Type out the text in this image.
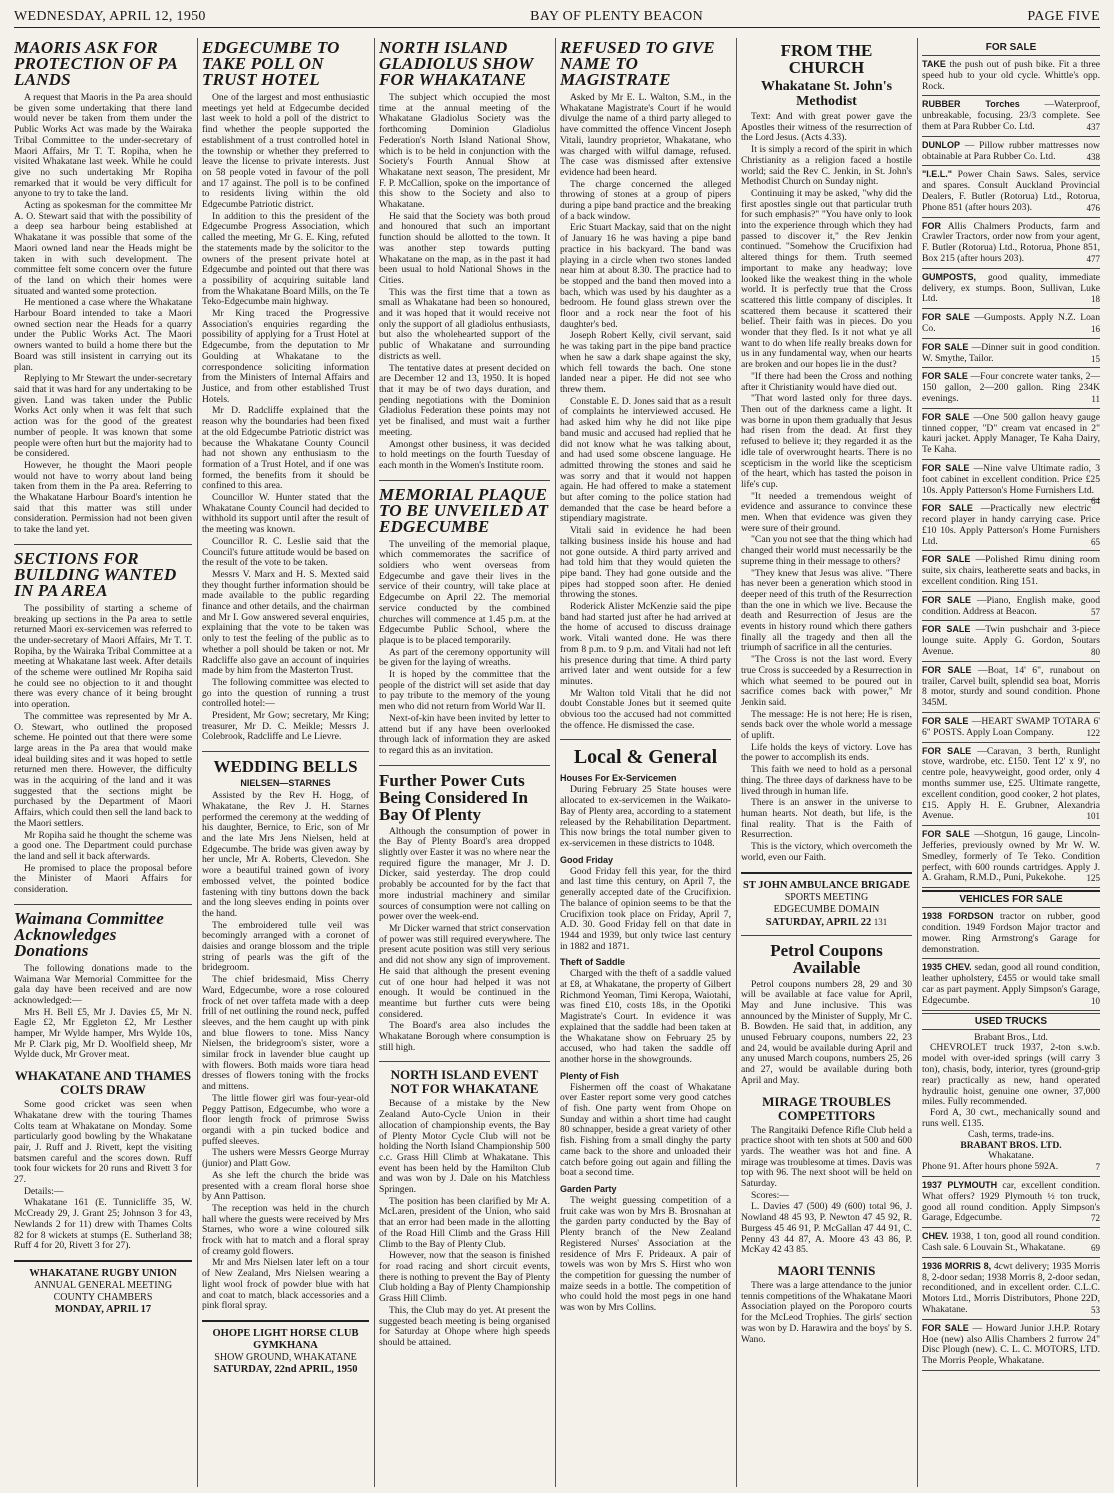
WEDNESDAY, APRIL 12, 1950	BAY OF PLENTY BEACON	PAGE FIVE
MAORIS ASK FOR PROTECTION OF PA LANDS

A request that Maoris in the Pa area should be given some undertaking that there land would never be taken from them under the Public Works Act was made by the Wairaka Tribal Committee to the under-secretary of Maori Affairs, Mr T. T. Ropiha, when he visited Whakatane last week. While he could give no such undertaking Mr Ropiha remarked that it would be very difficult for anyone to try to take the land.

Acting as spokesman for the committee Mr A. O. Stewart said that with the possibility of a deep sea harbour being established at Whakatane it was possible that some of the Maori owned land near the Heads might be taken in with such development. The committee felt some concern over the future of the land on which their homes were situated and wanted some protection.

He mentioned a case where the Whakatane Harbour Board intended to take a Maori owned section near the Heads for a quarry under the Public Works Act. The Maori owners wanted to build a home there but the Board was still insistent in carrying out its plan.

Replying to Mr Stewart the under-secretary said that it was hard for any undertaking to be given. Land was taken under the Public Works Act only when it was felt that such action was for the good of the greatest number of people. It was known that some people were often hurt but the majority had to be considered.

However, he thought the Maori people would not have to worry about land being taken from them in the Pa area. Referring to the Whakatane Harbour Board's intention he said that this matter was still under consideration. Permission had not been given to take the land yet.

SECTIONS FOR BUILDING WANTED IN PA AREA

The possibility of starting a scheme of breaking up sections in the Pa area to settle returned Maori ex-servicemen was referred to the under-secretary of Maori Affairs, Mr T. T. Ropiha, by the Wairaka Tribal Committee at a meeting at Whakatane last week. After details of the scheme were outlined Mr Ropiha said he could see no objection to it and thought there was every chance of it being brought into operation.

The committee was represented by Mr A. O. Stewart, who outlined the proposed scheme. He pointed out that there were some large areas in the Pa area that would make ideal building sites and it was hoped to settle returned men there. However, the difficulty was in the acquiring of the land and it was suggested that the sections might be purchased by the Department of Maori Affairs, which could then sell the land back to the Maori settlers.

Mr Ropiha said he thought the scheme was a good one. The Department could purchase the land and sell it back afterwards.

He promised to place the proposal before the Minister of Maori Affairs for consideration.

Waimana Committee Acknowledges Donations

The following donations made to the Waimana War Memorial Committee for the gala day have been received and are now acknowledged:—

Mrs H. Bell £5, Mr J. Davies £5, Mr N. Eagle £2, Mr Eggleton £2, Mr Lesther hamper, Mr Wylde hamper, Mrs Wylde 10s, Mr P. Clark pig, Mr D. Woolfield sheep, Mr Wylde duck, Mr Grover meat.

WHAKATANE AND THAMES COLTS DRAW

Some good cricket was seen when Whakatane drew with the touring Thames Colts team at Whakatane on Monday. Some particularly good bowling by the Whakatane pair, J. Ruff and J. Rivett, kept the visiting batsmen careful and the scores down. Ruff took four wickets for 20 runs and Rivett 3 for 27.

Details:—

Whakatane 161 (E. Tunnicliffe 35, W. McCready 29, J. Grant 25; Johnson 3 for 43, Newlands 2 for 11) drew with Thames Colts 82 for 8 wickets at stumps (E. Sutherland 38; Ruff 4 for 20, Rivett 3 for 27).

WHAKATANE RUGBY UNION
ANNUAL GENERAL MEETING
COUNTY CHAMBERS
MONDAY, APRIL 17
EDGECUMBE TO TAKE POLL ON TRUST HOTEL

One of the largest and most enthusiastic meetings yet held at Edgecumbe decided last week to hold a poll of the district to find whether the people supported the establishment of a trust controlled hotel in the township or whether they preferred to leave the license to private interests. Just on 58 people voted in favour of the poll and 17 against. The poll is to be confined to residents living within the old Edgecumbe Patriotic district.

In addition to this the president of the Edgecumbe Progress Association, which called the meeting, Mr G. E. King, refuted the statements made by the solicitor to the owners of the present private hotel at Edgecumbe and pointed out that there was a possibility of acquiring suitable land from the Whakatane Board Mills, on the Te Teko-Edgecumbe main highway.

Mr King traced the Progressive Association's enquiries regarding the possibility of applying for a Trust Hotel at Edgecumbe, from the deputation to Mr Goulding at Whakatane to the correspondence soliciting information from the Ministers of Internal Affairs and Justice, and from other established Trust Hotels.

Mr D. Radcliffe explained that the reason why the boundaries had been fixed at the old Edgecumbe Patriotic district was because the Whakatane County Council had not shown any enthusiasm to the formation of a Trust Hotel, and if one was formed, the benefits from it should be confined to this area.

Councillor W. Hunter stated that the Whakatane County Council had decided to withhold its support until after the result of the meeting was known.

Councillor R. C. Leslie said that the Council's future attitude would be based on the result of the vote to be taken.

Messrs V. Marx and H. S. Mexted said they thought further information should be made available to the public regarding finance and other details, and the chairman and Mr I. Gow answered several enquiries, explaining that the vote to be taken was only to test the feeling of the public as to whether a poll should be taken or not. Mr Radcliffe also gave an account of inquiries made by him from the Masterton Trust.

The following committee was elected to go into the question of running a trust controlled hotel:—

President, Mr Gow; secretary, Mr King; treasurer, Mr D. C. Meikle; Messrs J. Colebrook, Radcliffe and Le Lievre.

WEDDING BELLS
NIELSEN—STARNES

Assisted by the Rev H. Hogg, of Whakatane, the Rev J. H. Starnes performed the ceremony at the wedding of his daughter, Bernice, to Eric, son of Mr and the late Mrs Jens Nielsen, held at Edgecumbe. The bride was given away by her uncle, Mr A. Roberts, Clevedon. She wore a beautiful trained gown of ivory embossed velvet, the pointed bodice fastening with tiny buttons down the back and the long sleeves ending in points over the hand.

The embroidered tulle veil was becomingly arranged with a coronet of daisies and orange blossom and the triple string of pearls was the gift of the bridegroom.

The chief bridesmaid, Miss Cherry Ward, Edgecumbe, wore a rose coloured frock of net over taffeta made with a deep frill of net outlining the round neck, puffed sleeves, and the hem caught up with pink and blue flowers to tone. Miss Nancy Nielsen, the bridegroom's sister, wore a similar frock in lavender blue caught up with flowers. Both maids wore tiara head dresses of flowers toning with the frocks and mittens.

The little flower girl was four-year-old Peggy Pattison, Edgecumbe, who wore a floor length frock of primrose Swiss organdi with a pin tucked bodice and puffed sleeves.

The ushers were Messrs George Murray (junior) and Platt Gow.

As she left the church the bride was presented with a cream floral horse shoe by Ann Pattison.

The reception was held in the church hall where the guests were received by Mrs Starnes, who wore a wine coloured silk frock with hat to match and a floral spray of creamy gold flowers.

Mr and Mrs Nielsen later left on a tour of New Zealand, Mrs Nielsen wearing a light wool frock of powder blue with hat and coat to match, black accessories and a pink floral spray.

OHOPE LIGHT HORSE CLUB
GYMKHANA
SHOW GROUND, WHAKATANE
SATURDAY, 22nd APRIL, 1950
NORTH ISLAND GLADIOLUS SHOW FOR WHAKATANE

The subject which occupied the most time at the annual meeting of the Whakatane Gladiolus Society was the forthcoming Dominion Gladiolus Federation's North Island National Show, which is to be held in conjunction with the Society's Fourth Annual Show at Whakatane next season, The president, Mr F. P. McCallion, spoke on the importance of this show to the Society and also to Whakatane.

He said that the Society was both proud and honoured that such an important function should be allotted to the town. It was another step towards putting Whakatane on the map, as in the past it had been usual to hold National Shows in the Cities.

This was the first time that a town as small as Whakatane had been so honoured, and it was hoped that it would receive not only the support of all gladiolus enthusiasts, but also the wholehearted support of the public of Whakatane and surrounding districts as well.

The tentative dates at present decided on are December 12 and 13, 1950. It is hoped that it may be of two days duration, and pending negotiations with the Dominion Gladiolus Federation these points may not yet be finalised, and must wait a further meeting.

Amongst other business, it was decided to hold meetings on the fourth Tuesday of each month in the Women's Institute room.

MEMORIAL PLAQUE TO BE UNVEILED AT EDGECUMBE

The unveiling of the memorial plaque, which commemorates the sacrifice of soldiers who went overseas from Edgecumbe and gave their lives in the service of their country, will take place at Edgecumbe on April 22. The memorial service conducted by the combined churches will commence at 1.45 p.m. at the Edgecumbe Public School, where the plaque is to be placed temporarily.

As part of the ceremony opportunity will be given for the laying of wreaths.

It is hoped by the committee that the people of the district will set aside that day to pay tribute to the memory of the young men who did not return from World War II.

Next-of-kin have been invited by letter to attend but if any have been overlooked through lack of information they are asked to regard this as an invitation.

Further Power Cuts Being Considered In Bay Of Plenty

Although the consumption of power in the Bay of Plenty Board's area dropped slightly over Easter it was no where near the required figure the manager, Mr J. D. Dicker, said yesterday. The drop could probably be accounted for by the fact that more industrial machinery and similar sources of consumption were not calling on power over the week-end.

Mr Dicker warned that strict conservation of power was still required everywhere. The present acute position was still very serious and did not show any sign of improvement. He said that although the present evening cut of one hour had helped it was not enough. It would be continued in the meantime but further cuts were being considered.

The Board's area also includes the Whakatane Borough where consumption is still high.

NORTH ISLAND EVENT NOT FOR WHAKATANE

Because of a mistake by the New Zealand Auto-Cycle Union in their allocation of championship events, the Bay of Plenty Motor Cycle Club will not be holding the North Island Championship 500 c.c. Grass Hill Climb at Whakatane. This event has been held by the Hamilton Club and was won by J. Dale on his Matchless Springen.

The position has been clarified by Mr A. McLaren, president of the Union, who said that an error had been made in the allotting of the Road Hill Climb and the Grass Hill Climb to the Bay of Plenty Club.

However, now that the season is finished for road racing and short circuit events, there is nothing to prevent the Bay of Plenty Club holding a Bay of Plenty Championship Grass Hill Climb.

This, the Club may do yet. At present the suggested beach meeting is being organised for Saturday at Ohope where high speeds should be attained.

REFUSED TO GIVE NAME TO MAGISTRATE

Asked by Mr E. L. Walton, S.M., in the Whakatane Magistrate's Court if he would divulge the name of a third party alleged to have committed the offence Vincent Joseph Vitali, laundry proprietor, Whakatane, who was charged with wilful damage, refused. The case was dismissed after extensive evidence had been heard.

The charge concerned the alleged throwing of stones at a group of pipers during a pipe band practice and the breaking of a back window.

Eric Stuart Mackay, said that on the night of January 16 he was having a pipe band practice in his backyard. The band was playing in a circle when two stones landed near him at about 8.30. The practice had to be stopped and the band then moved into a bach, which was used by his daughter as a bedroom. He found glass strewn over the floor and a rock near the foot of his daughter's bed.

Joseph Robert Kelly, civil servant, said he was taking part in the pipe band practice when he saw a dark shape against the sky, which fell towards the bach. One stone landed near a piper. He did not see who threw them.

Constable E. D. Jones said that as a result of complaints he interviewed accused. He had asked him why he did not like pipe band music and accused had replied that he did not know what he was talking about, and had used some obscene language. He admitted throwing the stones and said he was sorry and that it would not happen again. He had offered to make a statement but after coming to the police station had demanded that the case be heard before a stipendiary magistrate.

Vitali said in evidence he had been talking business inside his house and had not gone outside. A third party arrived and had told him that they would quieten the pipe band. They had gone outside and the pipes had stopped soon after. He denied throwing the stones.

Roderick Alister McKenzie said the pipe band had started just after he had arrived at the home of accused to discuss drainage work. Vitali wanted done. He was there from 8 p.m. to 9 p.m. and Vitali had not left his presence during that time. A third party arrived later and went outside for a few minutes.

Mr Walton told Vitali that he did not doubt Constable Jones but it seemed quite obvious too the accused had not committed the offence. He dismissed the case.

Local & General
Houses For Ex-Servicemen

During February 25 State houses were allocated to ex-servicemen in the Waikato-Bay of Plenty area, according to a statement released by the Rehabilitation Department. This now brings the total number given to ex-servicemen in these districts to 1048.

Good Friday

Good Friday fell this year, for the third and last time this century, on April 7, the generally accepted date of the Crucifixion. The balance of opinion seems to be that the Crucifixion took place on Friday, April 7, A.D. 30. Good Friday fell on that date in 1944 and 1939, but only twice last century in 1882 and 1871.

Theft of Saddle

Charged with the theft of a saddle valued at £8, at Whakatane, the property of Gilbert Richmond Yeoman, Timi Keropa, Waiotahi, was fined £10, costs 18s, in the Opotiki Magistrate's Court. In evidence it was explained that the saddle had been taken at the Whakatane show on February 25 by accused, who had taken the saddle off another horse in the showgrounds.

Plenty of Fish

Fishermen off the coast of Whakatane over Easter report some very good catches of fish. One party went from Ohope on Sunday and within a short time had caught 80 schnapper, beside a great variety of other fish. Fishing from a small dinghy the party came back to the shore and unloaded their catch before going out again and filling the boat a second time.

Garden Party

The weight guessing competition of a fruit cake was won by Mrs B. Brosnahan at the garden party conducted by the Bay of Plenty branch of the New Zealand Registered Nurses' Association at the residence of Mrs F. Prideaux. A pair of towels was won by Mrs S. Hirst who won the competition for guessing the number of maize seeds in a bottle. The competition of who could hold the most pegs in one hand was won by Mrs Collins.

FROM THE CHURCH
Whakatane St. John's Methodist

Text: And with great power gave the Apostles their witness of the resurrection of the Lord Jesus. (Acts 4.33).

It is simply a record of the spirit in which Christianity as a religion faced a hostile world; said the Rev C. Jenkin, in St. John's Methodist Church on Sunday night.

Continuing it may be asked, "why did the first apostles single out that particular truth for such emphasis?" "You have only to look into the experience through which they had passed to discover it," the Rev Jenkin continued. "Somehow the Crucifixion had altered things for them. Truth seemed important to make any headway; love looked like the weakest thing in the whole world. It is perfectly true that the Cross scattered this little company of disciples. It scattered them because it scattered their belief. Their faith was in pieces. Do you wonder that they fled. Is it not what ye all want to do when life really breaks down for us in any fundamental way, when our hearts are broken and our hopes lie in the dust?

"If there had been the Cross and nothing after it Christianity would have died out.

"That word lasted only for three days. Then out of the darkness came a light. It was borne in upon them gradually that Jesus had risen from the dead. At first they refused to believe it; they regarded it as the idle tale of overwrought hearts. There is no scepticism in the world like the scepticism of the heart, which has tasted the poison in life's cup.

"It needed a tremendous weight of evidence and assurance to convince these men. When that evidence was given they were sure of their ground.

"Can you not see that the thing which had changed their world must necessarily be the supreme thing in their message to others?

"They knew that Jesus was alive. "There has never been a generation which stood in deeper need of this truth of the Resurrection than the one in which we live. Because the death and Resurrection of Jesus are the events in history round which there gathers finally all the tragedy and then all the triumph of sacrifice in all the centuries.

"The Cross is not the last word. Every true Cross is succeeded by a Resurrection in which what seemed to be poured out in sacrifice comes back with power," Mr Jenkin said.

The message: He is not here; He is risen, sends back over the whole world a message of uplift.

Life holds the keys of victory. Love has the power to accomplish its ends.

This faith we need to hold as a personal thing. The three days of darkness have to be lived through in human life.

There is an answer in the universe to human hearts. Not death, but life, is the final reality. That is the Faith of Resurrection.

This is the victory, which overcometh the world, even our Faith.

ST JOHN AMBULANCE BRIGADE
SPORTS MEETING
EDGECUMBE DOMAIN
SATURDAY, APRIL 22 131
Petrol Coupons Available

Petrol coupons numbers 28, 29 and 30 will be available at face value for April, May and June inclusive. This was announced by the Minister of Supply, Mr C. B. Bowden. He said that, in addition, any unused February coupons, numbers 22, 23 and 24, would be available during April and any unused March coupons, numbers 25, 26 and 27, would be available during both April and May.

MIRAGE TROUBLES COMPETITORS

The Rangitaiki Defence Rifle Club held a practice shoot with ten shots at 500 and 600 yards. The weather was hot and fine. A mirage was troublesome at times. Davis was top with 96. The next shoot will be held on Saturday.

Scores:—

L. Davies 47 (500) 49 (600) total 96, J. Nowland 48 45 93, P. Newton 47 45 92, R. Burgess 45 46 91, P. McGallan 47 44 91, C. Penny 43 44 87, A. Moore 43 43 86, P. McKay 42 43 85.

MAORI TENNIS

There was a large attendance to the junior tennis competitions of the Whakatane Maori Association played on the Poroporo courts for the McLeod Trophies. The girls' section was won by D. Harawira and the boys' by S. Wano.

FOR SALE
TAKE the push out of push bike. Fit a three speed hub to your old cycle. Whittle's opp. Rock.
RUBBER Torches	—Waterproof, unbreakable, focusing. 23/3 complete. See them at Para Rubber Co. Ltd.	437
DUNLOP — Pillow rubber mattresses now obtainable at Para Rubber Co. Ltd.	438
"I.E.L." Power Chain Saws. Sales, service and spares. Consult Auckland Provincial Dealers, F. Butler (Rotorua) Ltd., Rotorua, Phone 851 (after hours 203).	476
FOR Allis Chalmers Products, farm and Crawler Tractors, order now from your agent, F. Butler (Rotorua) Ltd., Rotorua, Phone 851, Box 215 (after hours 203).	477
GUMPOSTS, good quality, immediate delivery, ex stumps. Boon, Sullivan, Luke Ltd.	18
FOR SALE —Gumposts. Apply N.Z. Loan Co.	16
FOR SALE —Dinner suit in good condition. W. Smythe, Tailor.	15
FOR SALE —Four concrete water tanks, 2—150 gallon, 2—200 gallon. Ring 234K evenings.	11
FOR SALE —One 500 gallon heavy gauge tinned copper, "D" cream vat encased in 2" kauri jacket. Apply Manager, Te Kaha Dairy, Te Kaha.
FOR SALE —Nine valve Ultimate radio, 3 foot cabinet in excellent condition. Price £25 10s. Apply Patterson's Home Furnishers Ltd.
64
FOR SALE —Practically new electric record player in handy carrying case. Price £10 10s. Apply Patterson's Home Furnishers Ltd.	65
FOR SALE —Polished Rimu dining room suite, six chairs, leatherette seats and backs, in excellent condition. Ring 151.
FOR SALE —Piano, English make, good condition. Address at Beacon.	57
FOR SALE —Twin pushchair and 3-piece lounge suite. Apply G. Gordon, Soutars Avenue.	80
FOR SALE —Boat, 14' 6", runabout on trailer, Carvel built, splendid sea boat, Morris 8 motor, sturdy and sound condition. Phone 345M.
FOR SALE —HEART SWAMP TOTARA 6' 6" POSTS. Apply Loan Company.	122
FOR SALE —Caravan, 3 berth, Runlight stove, wardrobe, etc. £150. Tent 12' x 9', no centre pole, heavyweight, good order, only 4 months summer use, £25. Ultimate rangette, excellent condition, good cooker, 2 hot plates, £15. Apply H. E. Grubner, Alexandria Avenue.	101
FOR SALE —Shotgun, 16 gauge, Lincoln-Jefferies, previously owned by Mr W. W. Smedley, formerly of Te Teko. Condition perfect, with 600 rounds cartridges. Apply J. A. Graham, R.M.D., Puni, Pukekohe. 125
VEHICLES FOR SALE
1938 FORDSON tractor on rubber, good condition. 1949 Fordson Major tractor and mower. Ring Armstrong's Garage for demonstration.
1935 CHEV. sedan, good all round condition, leather upholstery, £455 or would take small car as part payment. Apply Simpson's Garage, Edgecumbe.	10
USED TRUCKS
Brabant Bros., Ltd.
CHEVROLET truck 1937, 2-ton s.w.b. model with over-ided springs (will carry 3 ton), chasis, body, interior, tyres (ground-grip rear) practically as new, hand operated hydraulic hoist, genuine one owner, 37,000 miles. Fully recommended.
Ford A, 30 cwt., mechanically sound and runs well. £135.
Cash, terms, trade-ins.
BRABANT BROS. LTD.
Whakatane.
Phone 91. After hours phone 592A.	7
1937 PLYMOUTH car, excellent condition. What offers? 1929 Plymouth ½ ton truck, good all round condition. Apply Simpson's Garage, Edgecumbe.	72
CHEV. 1938, 1 ton, good all round condition. Cash sale. 6 Louvain St., Whakatane.	69
1936 MORRIS 8, 4cwt delivery; 1935 Morris 8, 2-door sedan; 1938 Morris 8, 2-door sedan, reconditioned, and in excellent order. C.L.C. Motors Ltd., Morris Distributors, Phone 22D, Whakatane.	53
FOR SALE — Howard Junior J.H.P. Rotary Hoe (new) also Allis Chambers 2 furrow 24" Disc Plough (new). C. L. C. MOTORS, LTD. The Morris People, Whakatane.
